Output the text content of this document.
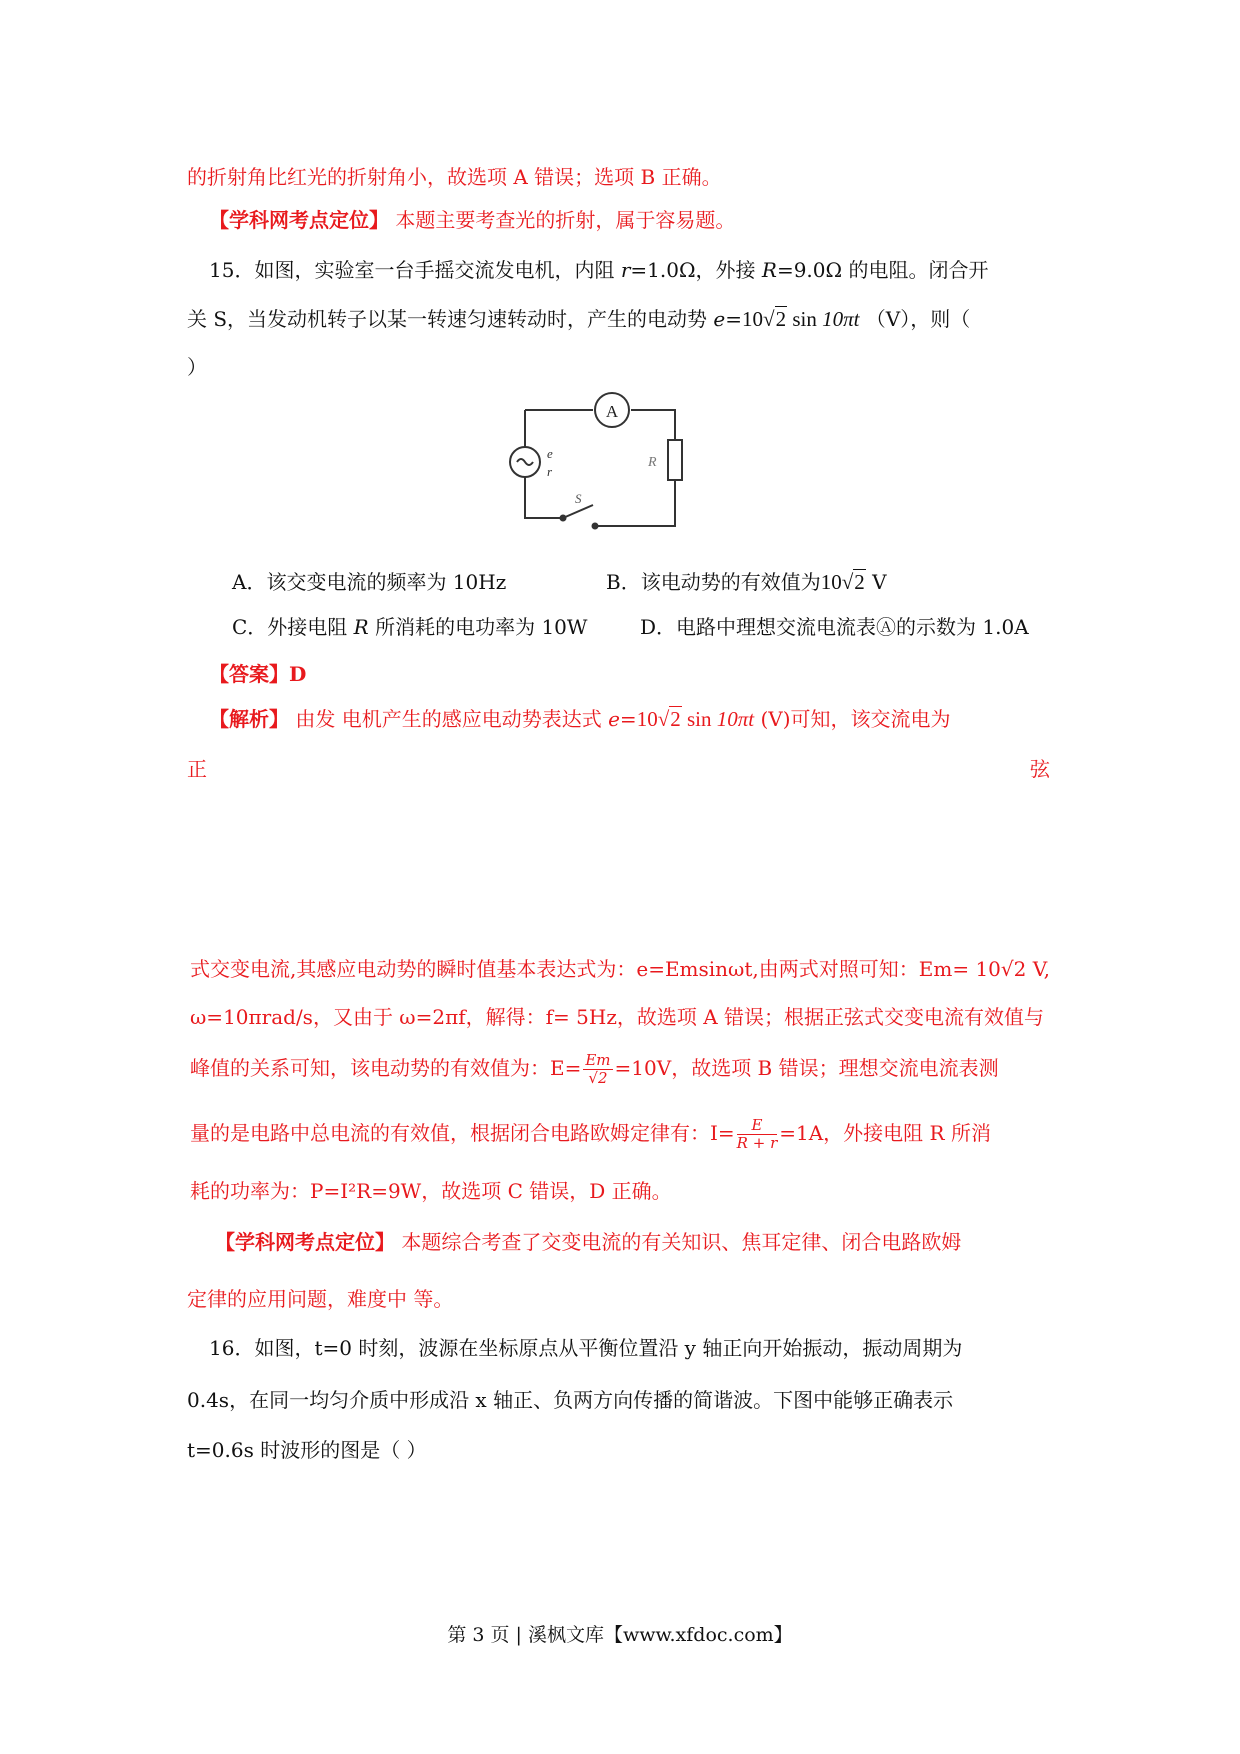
的折射角比红光的折射角小，故选项 A 错误；选项 B 正确。
【学科网考点定位】 本题主要考查光的折射，属于容易题。
15．如图，实验室一台手摇交流发电机，内阻 r=1.0Ω，外接 R=9.0Ω 的电阻。闭合开
关 S，当发动机转子以某一转速匀速转动时，产生的电动势 e=10√2 sin 10πt （V），则（
）
A
e
r
R
S
A．该交变电流的频率为 10Hz	B．该电动势的有效值为10√2 V
C．外接电阻 R 所消耗的电功率为 10W	D．电路中理想交流电流表Ⓐ的示数为 1.0A
【答案】D
【解析】 由发 电机产生的感应电动势表达式 e=10√2 sin 10πt (V)可知，该交流电为
正	弦
式交变电流,其感应电动势的瞬时值基本表达式为：e=Emsinωt,由两式对照可知：Em= 10√2 V,
ω=10πrad/s，又由于 ω=2πf，解得：f= 5Hz，故选项 A 错误；根据正弦式交变电流有效值与
峰值的关系可知，该电动势的有效值为：$E= \frac{Em}{√2} =10V$，故选项 B 错误；理想交流电流表测
量的是电路中总电流的有效值，根据闭合电路欧姆定律有：$I= \frac{E}{R + r} =1A$，外接电阻 R 所消
耗的功率为：P=I²R=9W，故选项 C 错误，D 正确。
【学科网考点定位】 本题综合考查了交变电流的有关知识、焦耳定律、闭合电路欧姆
定律的应用问题，难度中 等。
16．如图，t=0 时刻，波源在坐标原点从平衡位置沿 y 轴正向开始振动，振动周期为
0.4s，在同一均匀介质中形成沿 x 轴正、负两方向传播的简谐波。下图中能够正确表示
t=0.6s 时波形的图是（ ）
第 3 页 | 溪枫文库【www.xfdoc.com】
